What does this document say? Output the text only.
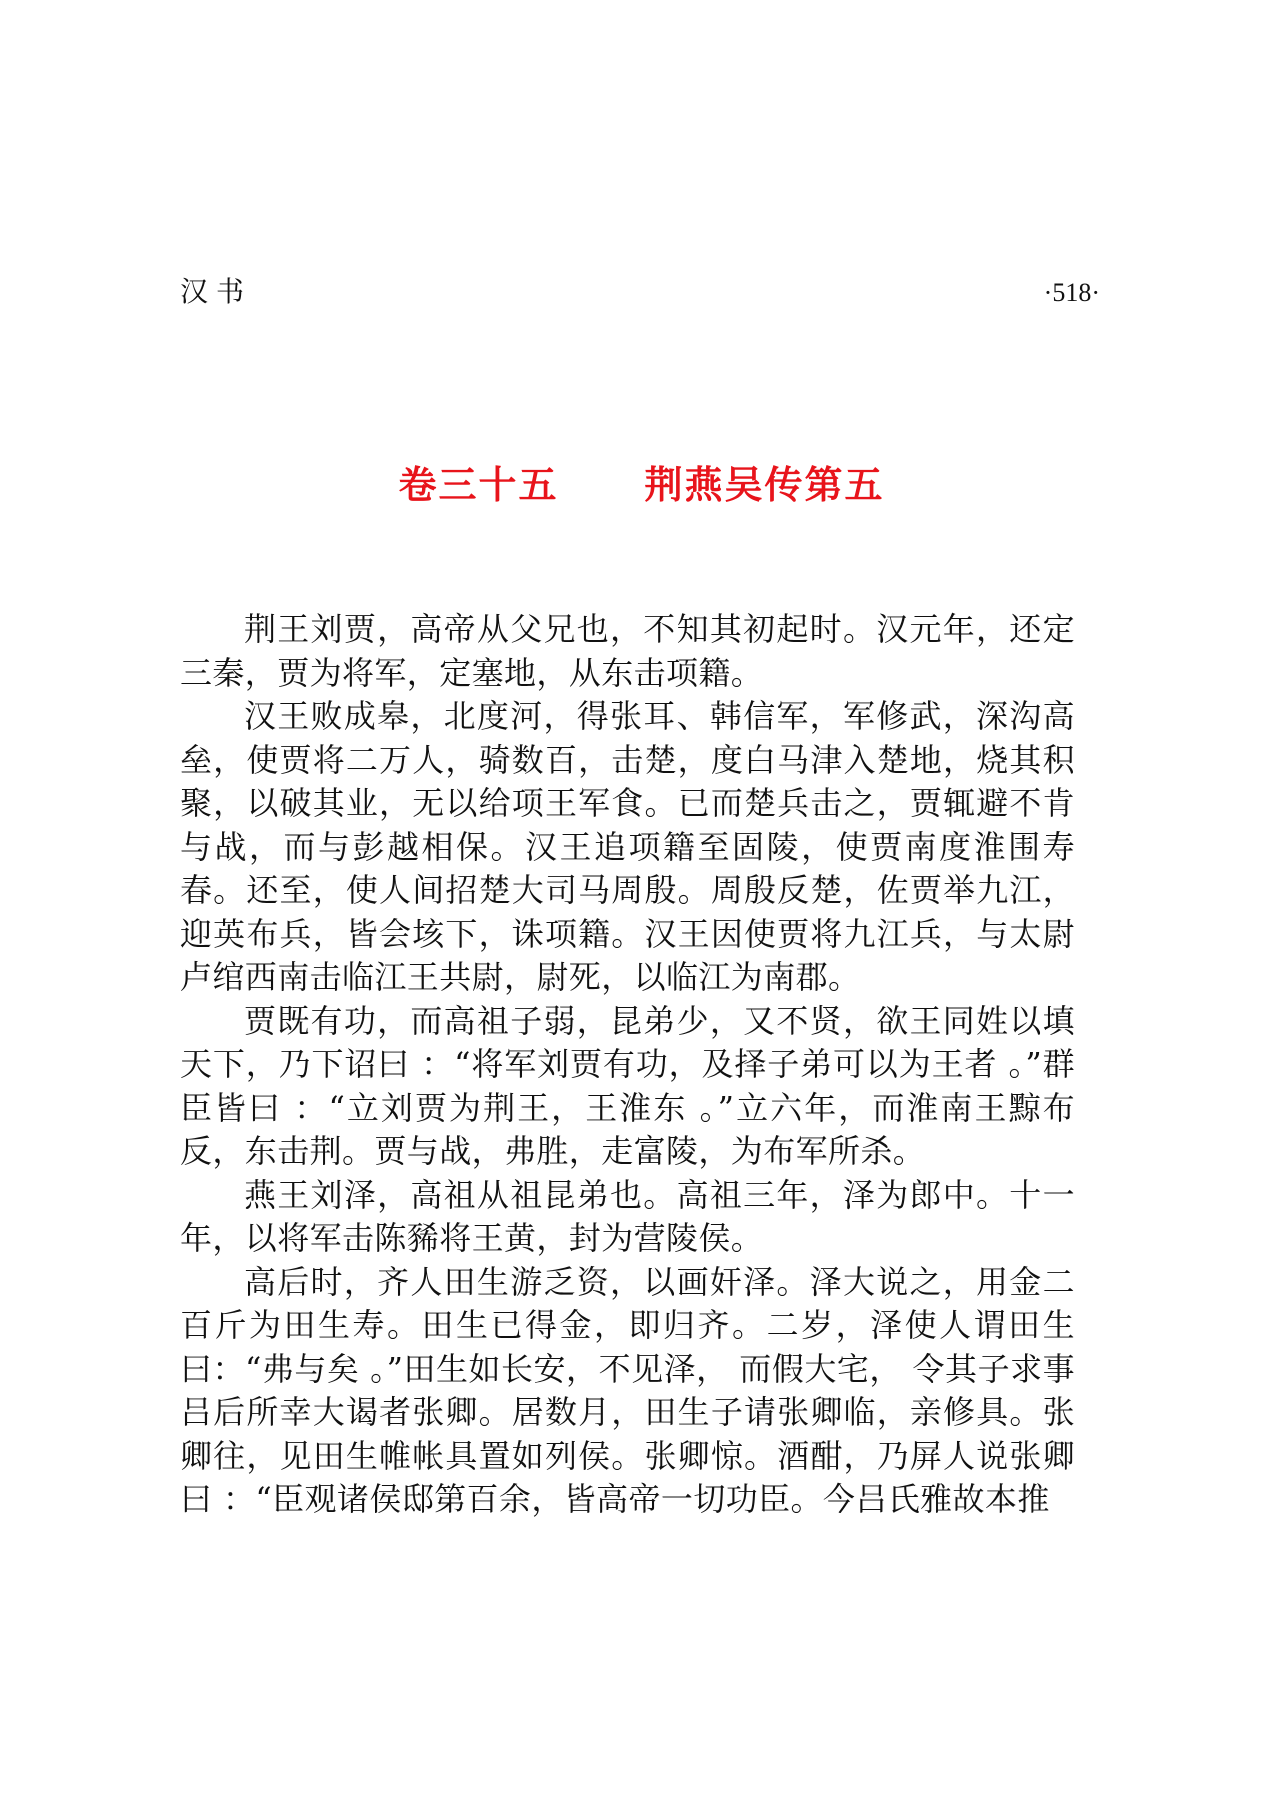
汉书	·518·
卷三十五 荆燕吴传第五

荆王刘贾，高帝从父兄也，不知其初起时。汉元年，还定三秦，贾为将军，定塞地，从东击项籍。

汉王败成皋，北度河，得张耳、韩信军，军修武，深沟高垒，使贾将二万人，骑数百，击楚，度白马津入楚地，烧其积聚，以破其业，无以给项王军食。已而楚兵击之，贾辄避不肯与战，而与彭越相保。汉王追项籍至固陵，使贾南度淮围寿春。还至，使人间招楚大司马周殷。周殷反楚，佐贾举九江，迎英布兵，皆会垓下，诛项籍。汉王因使贾将九江兵，与太尉卢绾西南击临江王共尉，尉死，以临江为南郡。

贾既有功，而高祖子弱，昆弟少，又不贤，欲王同姓以填天下，乃下诏曰 ：“将军刘贾有功，及择子弟可以为王者 。”群臣皆曰 ：“立刘贾为荆王，王淮东 。”立六年，而淮南王黥布反，东击荆。贾与战，弗胜，走富陵，为布军所杀。

燕王刘泽，高祖从祖昆弟也。高祖三年，泽为郎中。十一年，以将军击陈豨将王黄，封为营陵侯。

高后时，齐人田生游乏资，以画奸泽。泽大说之，用金二百斤为田生寿。田生已得金，即归齐。二岁，泽使人谓田生曰：“弗与矣 。”田生如长安，不见泽， 而假大宅， 令其子求事吕后所幸大谒者张卿。居数月，田生子请张卿临，亲修具。张卿往，见田生帷帐具置如列侯。张卿惊。酒酣，乃屏人说张卿曰 ：“臣观诸侯邸第百余，皆高帝一切功臣。今吕氏雅故本推
